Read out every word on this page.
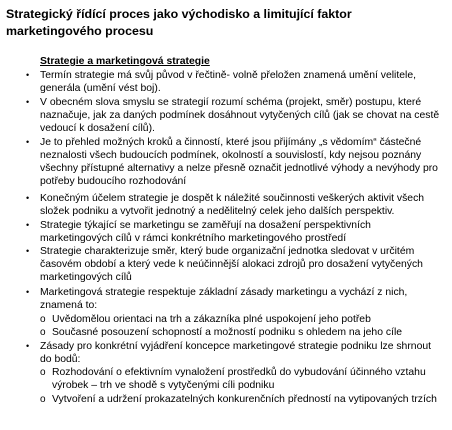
Strategický řídící proces jako východisko a limitující faktor marketingového procesu

Strategie a marketingová strategie

• Termín strategie má svůj původ v řečtině- volně přeložen znamená umění velitele, generála (umění vést boj).
• V obecném slova smyslu se strategií rozumí schéma (projekt, směr) postupu, které naznačuje, jak za daných podmínek dosáhnout vytyčených cílů (jak se chovat na cestě vedoucí k dosažení cílů).
• Je to přehled možných kroků a činností, které jsou přijímány „s vědomím“ částečné neznalosti všech budoucích podmínek, okolností a souvislostí, kdy nejsou poznány všechny přístupné alternativy a nelze přesně označit jednotlivé výhody a nevýhody pro potřeby budoucího rozhodování
• Konečným účelem strategie je dospět k náležité součinnosti veškerých aktivit všech složek podniku a vytvořit jednotný a nedělitelný celek jeho dalších perspektiv.
• Strategie týkající se marketingu se zaměřují na dosažení perspektivních marketingových cílů v rámci konkrétního marketingového prostředí
• Strategie charakterizuje směr, který bude organizační jednotka sledovat v určitém časovém období a který vede k neúčinnější alokaci zdrojů pro dosažení vytyčených marketingových cílů
• Marketingová strategie respektuje základní zásady marketingu a vychází z nich, znamená to:
o Uvědomělou orientaci na trh a zákazníka plné uspokojení jeho potřeb
o Současné posouzení schopností a možností podniku s ohledem na jeho cíle
• Zásady pro konkrétní vyjádření koncepce marketingové strategie podniku lze shrnout do bodů:
o Rozhodování o efektivním vynaložení prostředků do vybudování účinného vztahu výrobek – trh ve shodě s vytyčenými cíli podniku
o Vytvoření a udržení prokazatelných konkurenčních předností na vytipovaných trzích
